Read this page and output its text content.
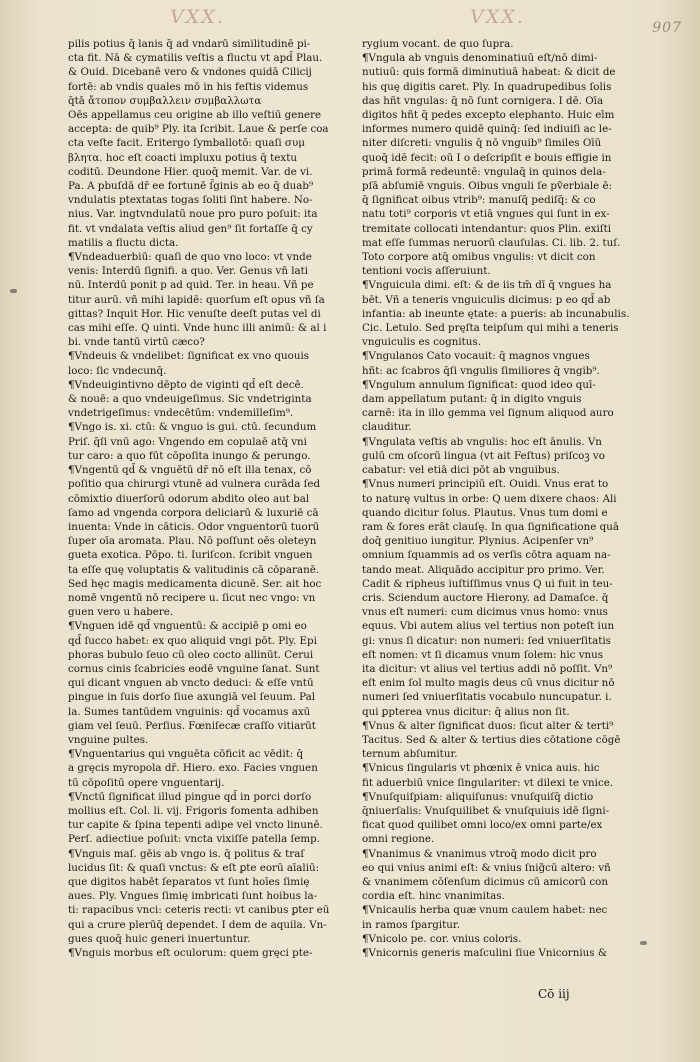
VXX.	VXX.	907

pilis potius q̄ lanis q̄ ad vndarū similitudinē pi-

cta fit. Nā & cymatilis veſtis a fluctu vt apd̄ Plau.

& Ouid. Dicebanē vero & vndones quidā Cilicij

fortē: ab vndis quales mō in his feſtis videmus

q̄tā ἄτοπον συμβαλλειν συμβαλλωτα

Oēs appellamus ceu origine ab illo veſtiū genere

accepta: de quib⁹ Ply. ita ſcribit. Laue & perſe coa

cta veſte facit. Eritergo ſymballotō: quaſi συμ

βλητα. hoc eſt coacti impluxu potius q̄ textu

coditū. Deundone Hier. quoq̄ memit. Var. de vi.

Pa. A pbuſdā dr̄ ee fortunē ſ̄ginis ab eo q̄ duab⁹

vndulatis ptextatas togas ſoliti ſint habere. No-

nius. Var. ingtvndulatū noue pro puro poſuit: ita

fit. vt vndalata veſtis aliud gen⁹ ſit fortaſſe q̄ cy

matilis a fluctu dicta.

¶Vndeaduerbiū: quaſi de quo vno loco: vt vnde

venis: Interdū ſignifi. a quo. Ver. Genus vñ lati

nū. Interdū ponit p ad quid. Ter. in heau. Vñ pe

titur aurū. vñ mihi lapidē: quorſum eſt opus vñ ſa

gittas? Inquit Hor. Hic venuſte deeſt putas vel di

cas mihi eſſe. Q uinti. Vnde hunc illi animū: & al i

bi. vnde tantū virtū cæco?

¶Vndeuis & vndelibet: ſignificat ex vno quouis

loco: ſic vndecunq̄.

¶Vndeuigintivno dēpto de viginti qd̄ eſt decē.

& nouē: a quo vndeuigeſimus. Sic vndetriginta

vndetrigeſimus: vndecētūm: vndemilleſim⁹.

¶Vngo is. xi. ctū: & vnguo is gui. ctū. ſecundum

Priſ. q̄ſi vnū ago: Vngendo em copulaē atq̄ vni

tur caro: a quo fūt cōpoſita inungo & perungo.

¶Vngentū qd̄ & vnguētū dr̄ nō eſt illa tenax, cō

poſitio qua chirurgi vtunē ad vulnera curāda ſed

cōmixtio diuerſorū odorum abdito oleo aut bal

ſamo ad vngenda corpora deliciarū & luxuriē cā

inuenta: Vnde in cāticis. Odor vnguentorū tuorū

ſuper oīa aromata. Plau. Nō poſſunt oēs oleteyn

gueta exotica. Pōpo. ti. Iuriſcon. ſcribit vnguen

ta eſſe quę voluptatis & valitudinis cā cōparanē.

Sed hęc magis medicamenta dicunē. Ser. ait hoc

nomē vngentū nō recipere u. ſicut nec vngo: vn

guen vero u habere.

¶Vnguen idē qd̄ vnguentū: & accipiē p omi eo

qd̄ ſucco habet: ex quo aliquid vngi pōt. Ply. Epi

phoras bubulo ſeuo cū oleo cocto allinūt. Cerui

cornus cinis ſcabricies eodē vnguine ſanat. Sunt

qui dicant vnguen ab vncto deduci: & eſſe vntū

pingue in ſuis dorſo ſiue axungiā vel ſeuum. Pal

la. Sumes tantūdem vnguinis: qd̄ vocamus axū

giam vel ſeuū. Perſius. Fœniſecæ craſſo vitiarūt

vnguine pultes.

¶Vnguentarius qui vnguēta cōficit ac vēdit: q̄

a gręcis myropola dr̄. Hiero. exo. Facies vnguen

tū cōpoſitū opere vnguentarij.

¶Vnctū ſignificat illud pingue qd̄ in porci dorſo

mollius eſt. Col. li. vij. Frigoris fomenta adhiben

tur capite & ſpina tepenti adipe vel vncto linunē.

Perſ. adiectiue poſuit: vncta vixiſſe patella ſemp.

¶Vnguis maſ. gēis ab vngo is. q̄ politus & traſ

lucidus ſit: & quaſi vnctus: & eſt ꝑte eorū aīaliū:

que digitos habēt ſeparatos vt ſunt hoīes ſimię

aues. Ply. Vngues ſimię imbricati ſunt hoibus la-

ti: rapacibus vnci: ceteris recti: vt canibus ꝑter eū

qui a crure plerūq̄ dependet. I dem de aquila. Vn-

gues quoq̄ huic generi inuertuntur.

¶Vnguis morbus eſt oculorum: quem gręci pte-

rygium vocant. de quo ſupra.

¶Vngula ab vnguis denominatiuū eſt/nō dimi-

nutiuū: quis formā diminutiuā habeat: & dicit de

his quę digitis caret. Ply. In quadrupedibus ſolis

das hñt vngulas: q̄ nō ſunt cornigera. I dē. Oīa

digitos hñt q̄ pedes excepto elephanto. Huic eīm

informes numero quidē quinq̄: ſed indiuiſi ac le-

niter diſcreti: vngulis q̄ nō vnguib⁹ ſimiles Oīū

quoq̄ idē fecit: oū I o deſcripſit e bouis effigie in

primā formā redeuntē: vngulaq̄ in quinos dela-

pſā abſumiē vnguis. Oibus vnguli ſe pṽerbiale ē:

q̄ ſignificat oibus vtrib⁹: manuſq̄ pediſq̄: & co

natu toti⁹ corporis vt etiā vngues qui ſunt in ex-

tremitate collocati intendantur: quos Plin. exiſti

mat eſſe ſummas neruorū clauſulas. Ci. lib. 2. tuſ.

Toto corpore atq̄ omibus vngulis: vt dicit con

tentioni vocis aſſeruiunt.

¶Vnguicula dimi. eſt: & de iis tm̄ dī q̄ vngues ha

bēt. Vñ a teneris vnguiculis dicimus: p eo qd̄ ab

infantia: ab ineunte ętate: a pueris: ab incunabulis.

Cic. Letulo. Sed pręſta teipſum qui mihi a teneris

vnguiculis es cognitus.

¶Vngulanos Cato vocauit: q̄ magnos vngues

hñt: ac ſcabros q̄ſi vngulis ſimiliores q̄ vngib⁹.

¶Vngulum annulum ſignificat: quod ideo quī-

dam appellatum putant: q̄ in digito vnguis

carnē: ita in illo gemma vel ſignum aliquod auro

clauditur.

¶Vngulata veſtis ab vngulis: hoc eſt ānulis. Vn

gulū cm oſcorū lingua (vt ait Feſtus) priſcoꝫ vo

cabatur: vel etiā dici pōt ab vnguibus.

¶Vnus numeri principiū eſt. Ouidi. Vnus erat to

to naturę vultus in orbe: Q uem dixere chaos: Ali

quando dicitur ſolus. Plautus. Vnus tum domi e

ram & fores erāt clauſę. In qua ſignificatione quā

doq̄ genitiuo iungitur. Plynius. Acipenſer vn⁹

omnium ſquammis ad os verſis cōtra aquam na-

tando meat. Aliquādo accipitur pro primo. Ver.

Cadit & ripheus iuſtiſſimus vnus Q ui fuit in teu-

cris. Sciendum auctore Hierony. ad Damaſce. q̄

vnus eſt numeri: cum dicimus vnus homo: vnus

equus. Vbi autem alius vel tertius non poteſt iun

gi: vnus ſi dicatur: non numeri: ſed vniuerſitatis

eſt nomen: vt ſi dicamus vnum ſolem: hic vnus

ita dicitur: vt alius vel tertius addi nō poſſit. Vn⁹

eſt enim ſol multo magis deus cū vnus dicitur nō

numeri ſed vniuerſitatis vocabulo nuncupatur. i.

qui ꝑpterea vnus dicitur: q̄ alius non ſit.

¶Vnus & alter ſignificat duos: ſicut alter & terti⁹

Tacitus. Sed & alter & tertius dies cōtatione cōgē

ternum abſumitur.

¶Vnicus ſingularis vt phœnix ē vnica auis. hic

fit aduerbiū vnice ſingulariter: vt dilexi te vnice.

¶Vnuſquiſpiam: aliquiſunus: vnuſquiſq̄ dictio

q̄niuerſalis: Vnuſquilibet & vnuſquiuis idē ſigni-

ficat quod quilibet omni loco/ex omni parte/ex

omni regione.

¶Vnanimus & vnanimus vtroq̄ modo dicit pro

eo qui vnius animi eſt: & vnius ſnig̃cū altero: vñ

& vnanimem cōſenſum dicimus cū amicorū con

cordia eſt. hinc vnanimitas.

¶Vnicaulis herba quæ vnum caulem habet: nec

in ramos ſpargitur.

¶Vnicolo pe. cor. vnius coloris.

¶Vnicornis generis maſculini ſiue Vnicornius &

Cō iij
